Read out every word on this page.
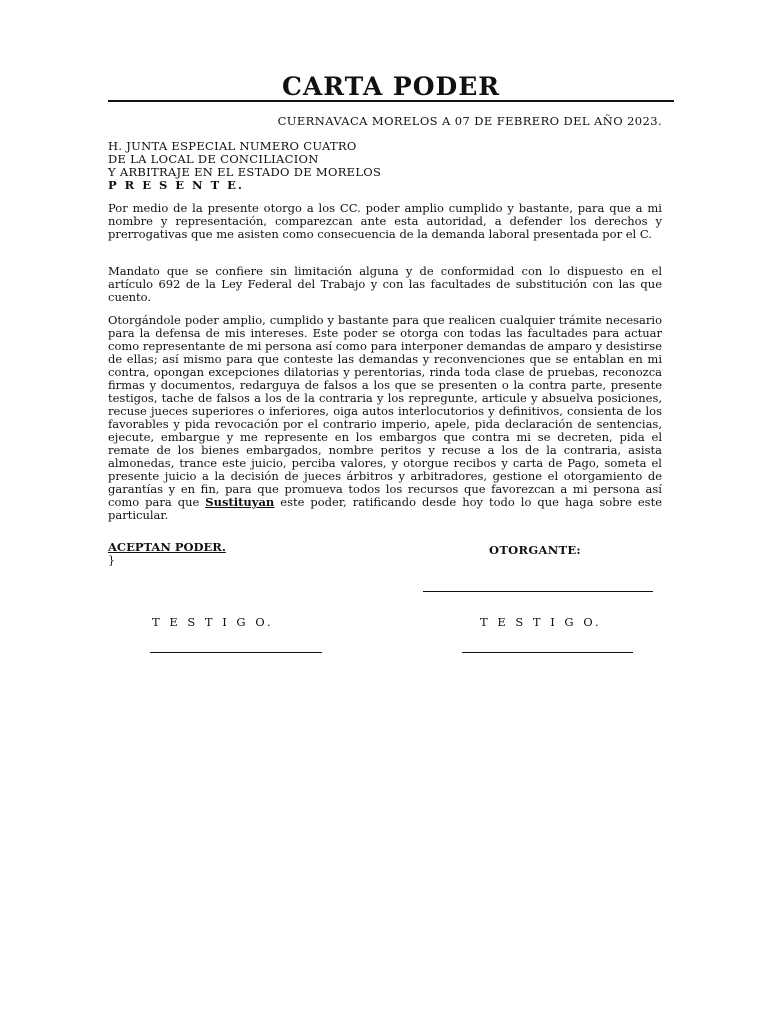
CARTA PODER
CUERNAVACA MORELOS A 07 DE FEBRERO DEL AÑO 2023.
H. JUNTA ESPECIAL NUMERO CUATRO
DE LA LOCAL DE CONCILIACION
Y ARBITRAJE EN EL ESTADO DE MORELOS
P R E S E N T E.
Por medio de la presente otorgo a los CC. poder amplio cumplido y bastante, para que a mi nombre y representación, comparezcan ante esta autoridad, a defender los derechos y prerrogativas que me asisten como consecuencia de la demanda laboral presentada por el C.
Mandato que se confiere sin limitación alguna y de conformidad con lo dispuesto en el artículo 692 de la Ley Federal del Trabajo y con las facultades de substitución con las que cuento.
Otorgándole poder amplio, cumplido y bastante para que realicen cualquier trámite necesario para la defensa de mis intereses. Este poder se otorga con todas las facultades para actuar como representante de mi persona así como para interponer demandas de amparo y desistirse de ellas; así mismo para que conteste las demandas y reconvenciones que se entablan en mi contra, opongan excepciones dilatorias y perentorias, rinda toda clase de pruebas, reconozca firmas y documentos, redarguya de falsos a los que se presenten o la contra parte, presente testigos, tache de falsos a los de la contraria y los repregunte, articule y absuelva posiciones, recuse jueces superiores o inferiores, oiga autos interlocutorios y definitivos, consienta de los favorables y pida revocación por el contrario imperio, apele, pida declaración de sentencias, ejecute, embargue y me represente en los embargos que contra mi se decreten, pida el remate de los bienes embargados, nombre peritos y recuse a los de la contraria, asista almonedas, trance este juicio, perciba valores, y otorgue recibos y carta de Pago, someta el presente juicio a la decisión de jueces árbitros y arbitradores, gestione el otorgamiento de garantías y en fin, para que promueva todos los recursos que favorezcan a mi persona así como para que Sustituyan este poder, ratificando desde hoy todo lo que haga sobre este particular.
ACEPTAN PODER.
}
OTORGANTE:
T E S T I G O.	T E S T I G O.
